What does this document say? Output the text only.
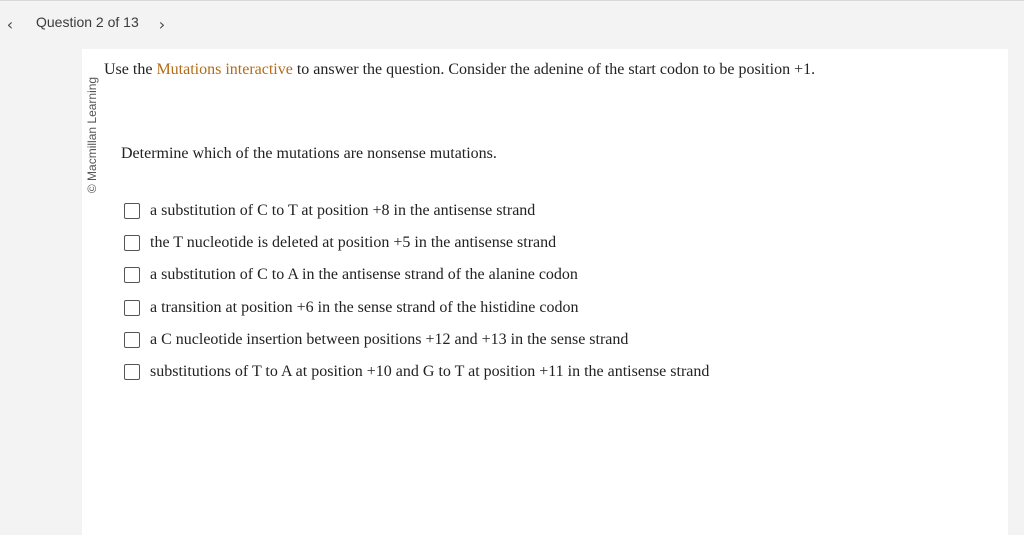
‹	Question 2 of 13	›
© Macmillan Learning
Use the Mutations interactive to answer the question. Consider the adenine of the start codon to be position +1.
Determine which of the mutations are nonsense mutations.
a substitution of C to T at position +8 in the antisense strand
the T nucleotide is deleted at position +5 in the antisense strand
a substitution of C to A in the antisense strand of the alanine codon
a transition at position +6 in the sense strand of the histidine codon
a C nucleotide insertion between positions +12 and +13 in the sense strand
substitutions of T to A at position +10 and G to T at position +11 in the antisense strand
